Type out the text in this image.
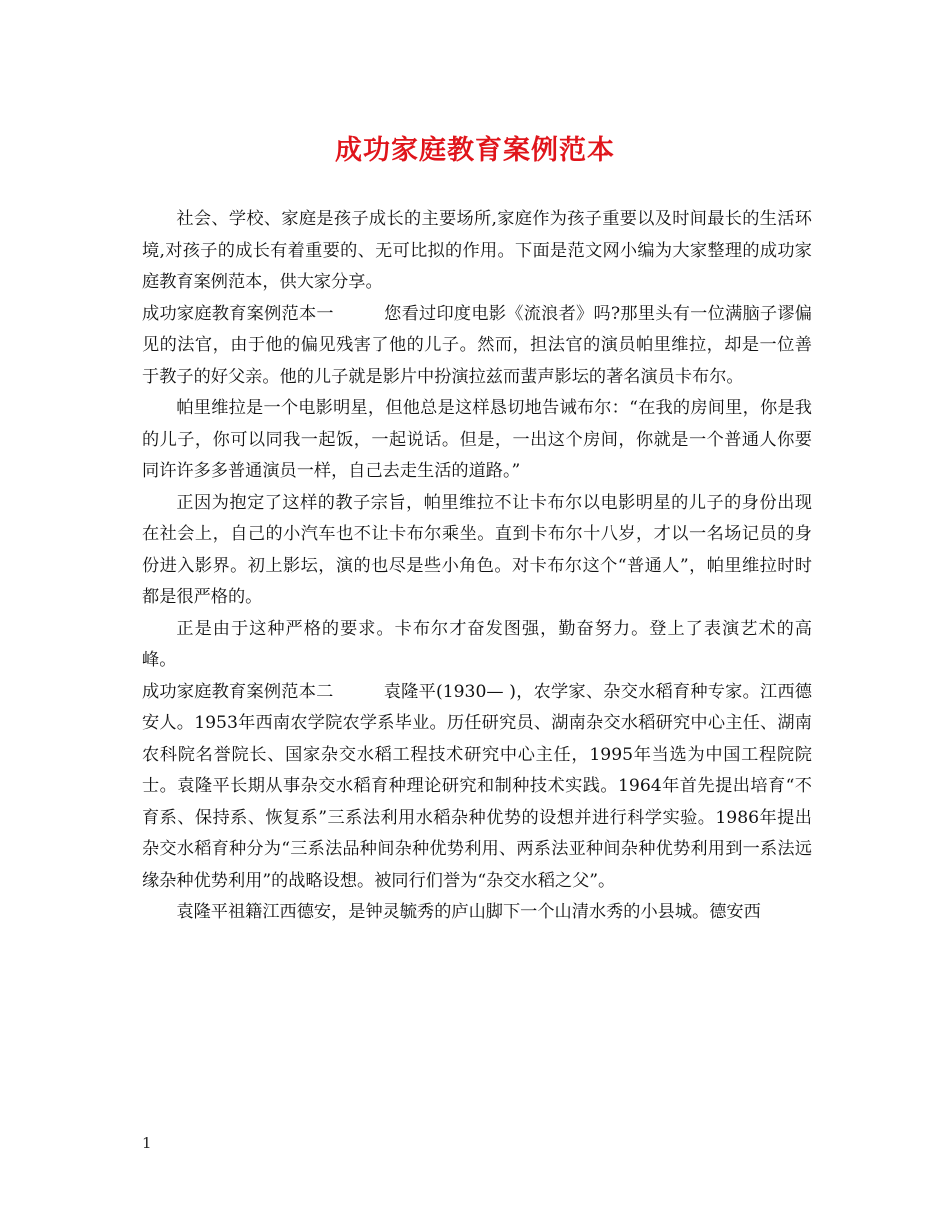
成功家庭教育案例范本

社会、学校、家庭是孩子成长的主要场所,家庭作为孩子重要以及时间最长的生活环境,对孩子的成长有着重要的、无可比拟的作用。下面是范文网小编为大家整理的成功家庭教育案例范本，供大家分享。

成功家庭教育案例范本一	您看过印度电影《流浪者》吗?那里头有一位满脑子谬偏见的法官，由于他的偏见残害了他的儿子。然而，担法官的演员帕里维拉，却是一位善于教子的好父亲。他的儿子就是影片中扮演拉兹而蜚声影坛的著名演员卡布尔。

帕里维拉是一个电影明星，但他总是这样恳切地告诫布尔：“在我的房间里，你是我的儿子，你可以同我一起饭，一起说话。但是，一出这个房间，你就是一个普通人你要同许许多多普通演员一样，自己去走生活的道路。”

正因为抱定了这样的教子宗旨，帕里维拉不让卡布尔以电影明星的儿子的身份出现在社会上，自己的小汽车也不让卡布尔乘坐。直到卡布尔十八岁，才以一名场记员的身份进入影界。初上影坛，演的也尽是些小角色。对卡布尔这个“普通人”，帕里维拉时时都是很严格的。

正是由于这种严格的要求。卡布尔才奋发图强，勤奋努力。登上了表演艺术的高峰。

成功家庭教育案例范本二	袁隆平(1930— )，农学家、杂交水稻育种专家。江西德安人。1953年西南农学院农学系毕业。历任研究员、湖南杂交水稻研究中心主任、湖南农科院名誉院长、国家杂交水稻工程技术研究中心主任，1995年当选为中国工程院院士。袁隆平长期从事杂交水稻育种理论研究和制种技术实践。1964年首先提出培育“不育系、保持系、恢复系”三系法利用水稻杂种优势的设想并进行科学实验。1986年提出杂交水稻育种分为“三系法品种间杂种优势利用、两系法亚种间杂种优势利用到一系法远缘杂种优势利用”的战略设想。被同行们誉为“杂交水稻之父”。

袁隆平祖籍江西德安，是钟灵毓秀的庐山脚下一个山清水秀的小县城。德安西

1
